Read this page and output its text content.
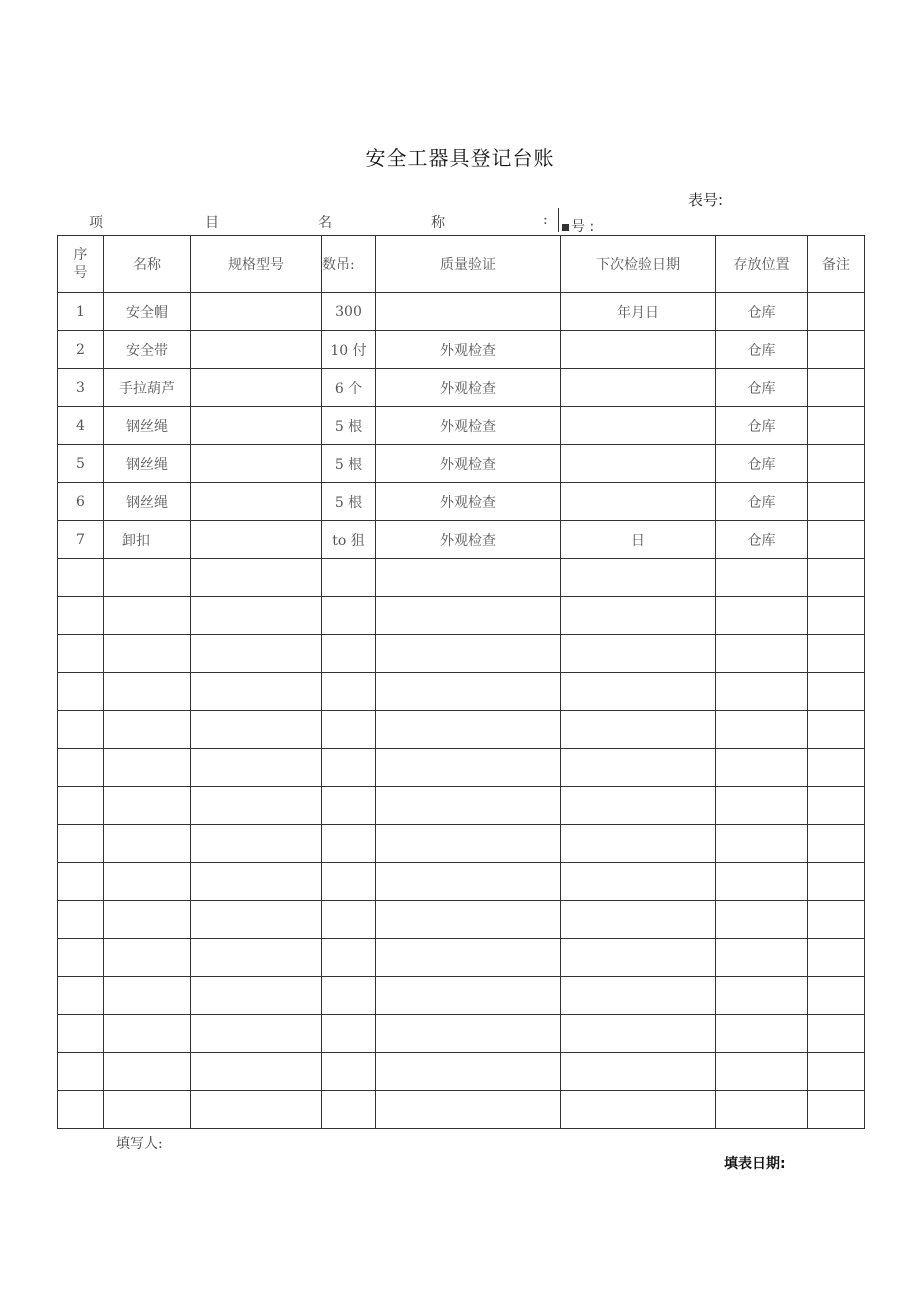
安全工器具登记台账
表号:
项	目	名	称	:	号 :
序
号	名称	规格型号	数吊:	质量验证	下次检验日期	存放位置	备注
1	安全帽		300		年月日	仓库	
2	安全带		10 付	外观检查		仓库	
3	手拉葫芦		6 个	外观检查		仓库	
4	钢丝绳		5 根	外观检查		仓库	
5	钢丝绳		5 根	外观检查		仓库	
6	钢丝绳		5 根	外观检查		仓库	
7	卸扣		to 狙	外观检查	日	仓库	

填写人:
填表日期:
